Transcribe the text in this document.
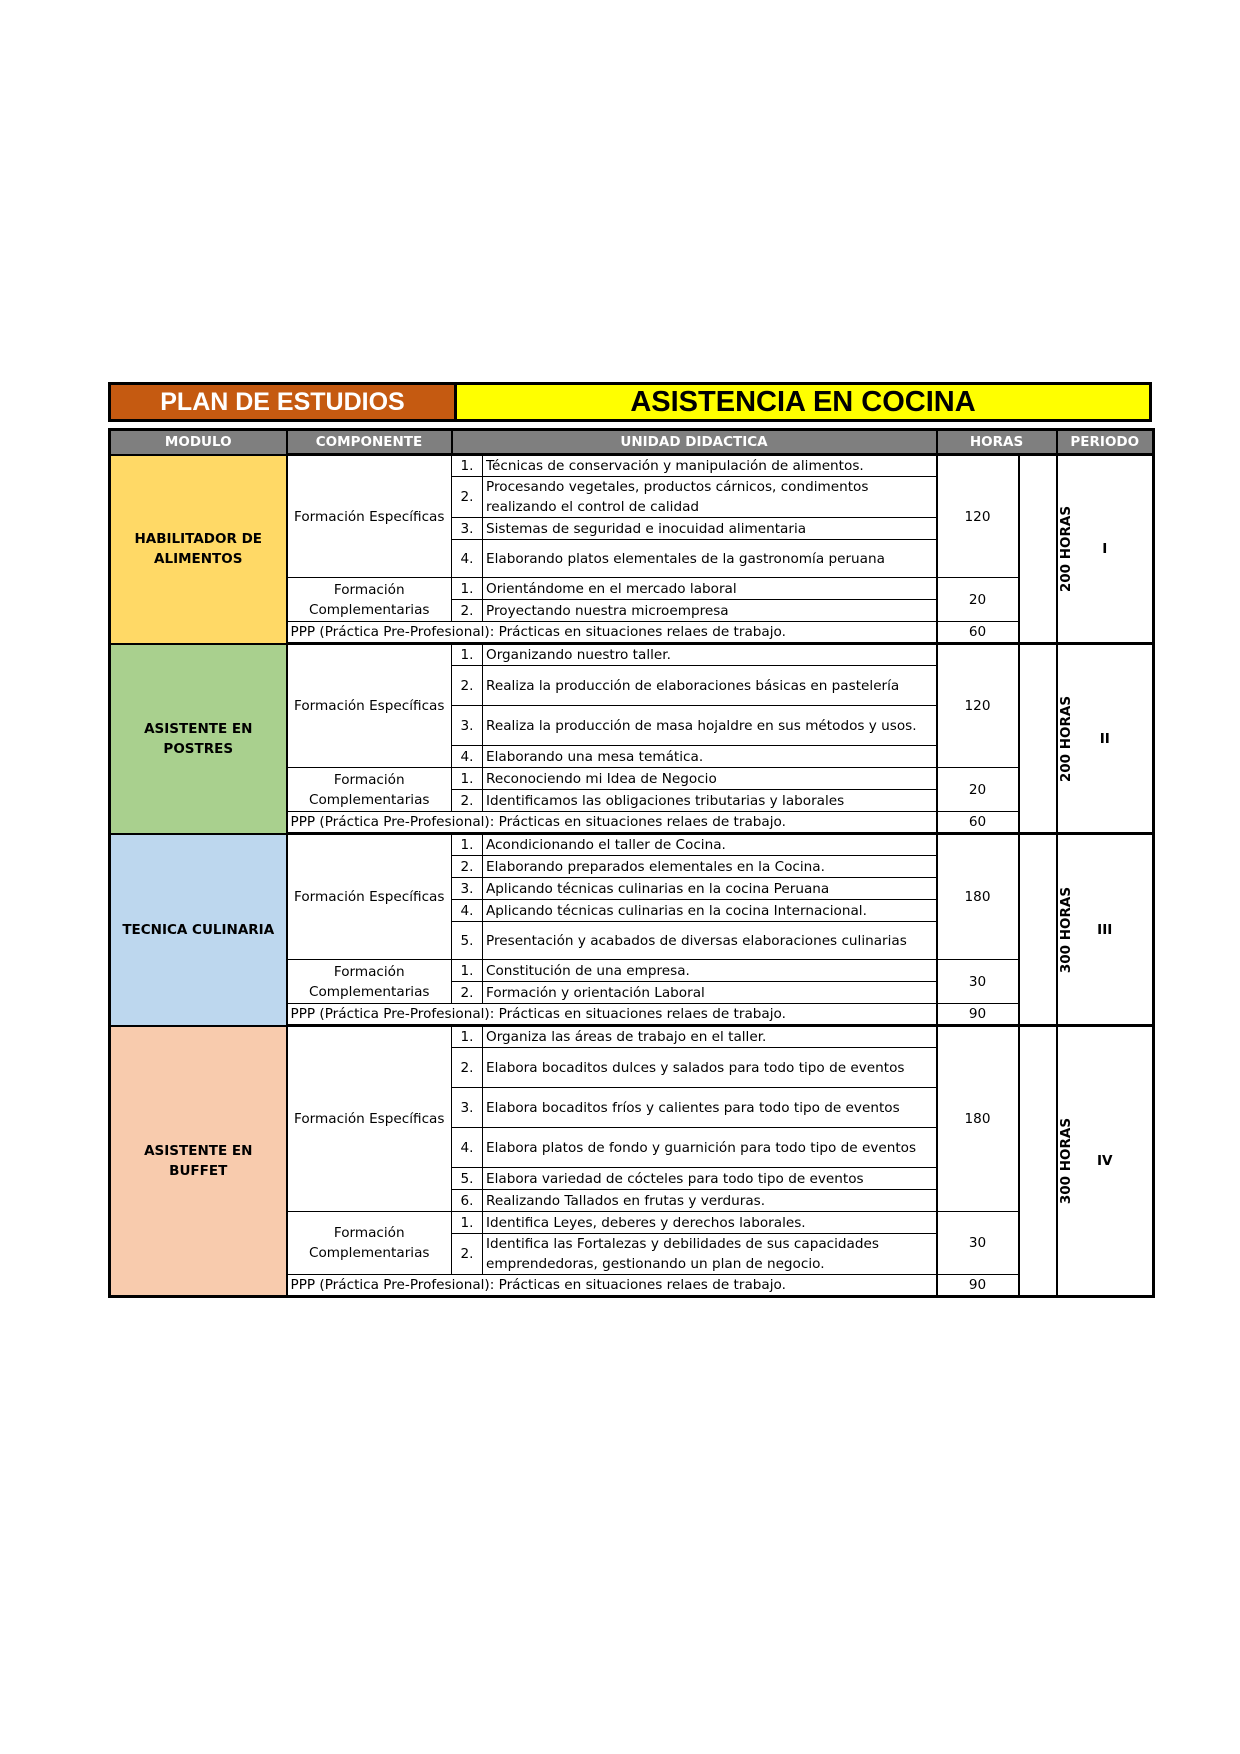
PLAN DE ESTUDIOS	ASISTENCIA EN COCINA
MODULO	COMPONENTE	UNIDAD DIDACTICA		HORAS		PERIODO
HABILITADOR DE ALIMENTOS	Formación Específicas	1.	Técnicas de conservación y manipulación de alimentos.	120	200 HORAS	I
		2.	Procesando vegetales, productos cárnicos, condimentos realizando el control de calidad			
		3.	Sistemas de seguridad e inocuidad alimentaria			
		4.	Elaborando platos elementales de la gastronomía peruana			
	Formación Complementarias	1.	Orientándome en el mercado laboral	20		
		2.	Proyectando nuestra microempresa			
	PPP (Práctica Pre-Profesional): Prácticas en situaciones relaes de trabajo.			60		
ASISTENTE EN POSTRES	Formación Específicas	1.	Organizando nuestro taller.	120	200 HORAS	II
		2.	Realiza la producción de elaboraciones básicas en pastelería			
		3.	Realiza la producción de masa hojaldre en sus métodos y usos.			
		4.	Elaborando una mesa temática.			
	Formación Complementarias	1.	Reconociendo mi Idea de Negocio	20		
		2.	Identificamos las obligaciones tributarias y laborales			
	PPP (Práctica Pre-Profesional): Prácticas en situaciones relaes de trabajo.			60		
TECNICA CULINARIA	Formación Específicas	1.	Acondicionando el taller de Cocina.	180	300 HORAS	III
		2.	Elaborando preparados elementales en la Cocina.			
		3.	Aplicando técnicas culinarias en la cocina Peruana			
		4.	Aplicando técnicas culinarias en la cocina Internacional.			
		5.	Presentación y acabados de diversas elaboraciones culinarias			
	Formación Complementarias	1.	Constitución de una empresa.	30		
		2.	Formación y orientación Laboral			
	PPP (Práctica Pre-Profesional): Prácticas en situaciones relaes de trabajo.			90		
ASISTENTE EN BUFFET	Formación Específicas	1.	Organiza las áreas de trabajo en el taller.	180	300 HORAS	IV
		2.	Elabora bocaditos dulces y salados para todo tipo de eventos			
		3.	Elabora bocaditos fríos y calientes para todo tipo de eventos			
		4.	Elabora platos de fondo y guarnición para todo tipo de eventos			
		5.	Elabora variedad de cócteles para todo tipo de eventos			
		6.	Realizando Tallados en frutas y verduras.			
	Formación Complementarias	1.	Identifica Leyes, deberes y derechos laborales.	30		
		2.	Identifica las Fortalezas y debilidades de sus capacidades emprendedoras, gestionando un plan de negocio.			
	PPP (Práctica Pre-Profesional): Prácticas en situaciones relaes de trabajo.			90		
